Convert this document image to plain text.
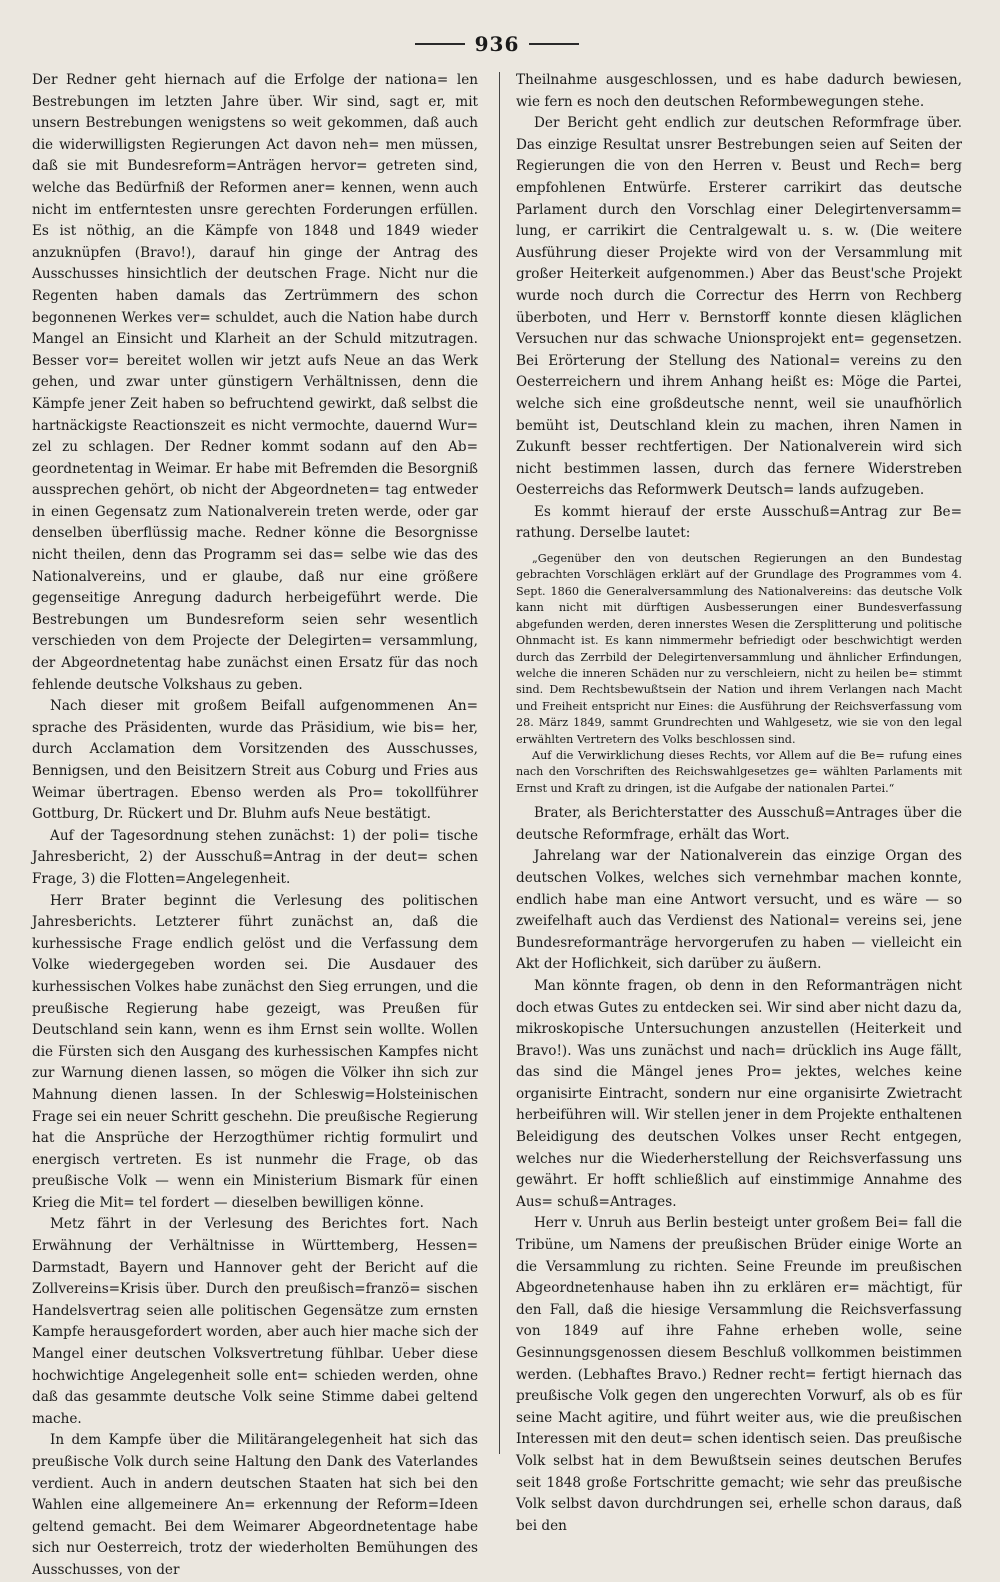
936

Der Redner geht hiernach auf die Erfolge der nationa= len Bestrebungen im letzten Jahre über. Wir sind, sagt er, mit unsern Bestrebungen wenigstens so weit gekommen, daß auch die widerwilligsten Regierungen Act davon neh= men müssen, daß sie mit Bundesreform=Anträgen hervor= getreten sind, welche das Bedürfniß der Reformen aner= kennen, wenn auch nicht im entferntesten unsre gerechten Forderungen erfüllen. Es ist nöthig, an die Kämpfe von 1848 und 1849 wieder anzuknüpfen (Bravo!), darauf hin ginge der Antrag des Ausschusses hinsichtlich der deutschen Frage. Nicht nur die Regenten haben damals das Zertrümmern des schon begonnenen Werkes ver= schuldet, auch die Nation habe durch Mangel an Einsicht und Klarheit an der Schuld mitzutragen. Besser vor= bereitet wollen wir jetzt aufs Neue an das Werk gehen, und zwar unter günstigern Verhältnissen, denn die Kämpfe jener Zeit haben so befruchtend gewirkt, daß selbst die hartnäckigste Reactionszeit es nicht vermochte, dauernd Wur= zel zu schlagen. Der Redner kommt sodann auf den Ab= geordnetentag in Weimar. Er habe mit Befremden die Besorgniß aussprechen gehört, ob nicht der Abgeordneten= tag entweder in einen Gegensatz zum Nationalverein treten werde, oder gar denselben überflüssig mache. Redner könne die Besorgnisse nicht theilen, denn das Programm sei das= selbe wie das des Nationalvereins, und er glaube, daß nur eine größere gegenseitige Anregung dadurch herbeigeführt werde. Die Bestrebungen um Bundesreform seien sehr wesentlich verschieden von dem Projecte der Delegirten= versammlung, der Abgeordnetentag habe zunächst einen Ersatz für das noch fehlende deutsche Volkshaus zu geben.

Nach dieser mit großem Beifall aufgenommenen An= sprache des Präsidenten, wurde das Präsidium, wie bis= her, durch Acclamation dem Vorsitzenden des Ausschusses, Bennigsen, und den Beisitzern Streit aus Coburg und Fries aus Weimar übertragen. Ebenso werden als Pro= tokollführer Gottburg, Dr. Rückert und Dr. Bluhm aufs Neue bestätigt.

Auf der Tagesordnung stehen zunächst: 1) der poli= tische Jahresbericht, 2) der Ausschuß=Antrag in der deut= schen Frage, 3) die Flotten=Angelegenheit.

Herr Brater beginnt die Verlesung des politischen Jahresberichts. Letzterer führt zunächst an, daß die kurhessische Frage endlich gelöst und die Verfassung dem Volke wiedergegeben worden sei. Die Ausdauer des kurhessischen Volkes habe zunächst den Sieg errungen, und die preußische Regierung habe gezeigt, was Preußen für Deutschland sein kann, wenn es ihm Ernst sein wollte. Wollen die Fürsten sich den Ausgang des kurhessischen Kampfes nicht zur Warnung dienen lassen, so mögen die Völker ihn sich zur Mahnung dienen lassen. In der Schleswig=Holsteinischen Frage sei ein neuer Schritt geschehn. Die preußische Regierung hat die Ansprüche der Herzogthümer richtig formulirt und energisch vertreten. Es ist nunmehr die Frage, ob das preußische Volk — wenn ein Ministerium Bismark für einen Krieg die Mit= tel fordert — dieselben bewilligen könne.

Metz fährt in der Verlesung des Berichtes fort. Nach Erwähnung der Verhältnisse in Württemberg, Hessen= Darmstadt, Bayern und Hannover geht der Bericht auf die Zollvereins=Krisis über. Durch den preußisch=franzö= sischen Handelsvertrag seien alle politischen Gegensätze zum ernsten Kampfe herausgefordert worden, aber auch hier mache sich der Mangel einer deutschen Volksvertretung fühlbar. Ueber diese hochwichtige Angelegenheit solle ent= schieden werden, ohne daß das gesammte deutsche Volk seine Stimme dabei geltend mache.

In dem Kampfe über die Militärangelegenheit hat sich das preußische Volk durch seine Haltung den Dank des Vaterlandes verdient. Auch in andern deutschen Staaten hat sich bei den Wahlen eine allgemeinere An= erkennung der Reform=Ideen geltend gemacht. Bei dem Weimarer Abgeordnetentage habe sich nur Oesterreich, trotz der wiederholten Bemühungen des Ausschusses, von der

Theilnahme ausgeschlossen, und es habe dadurch bewiesen, wie fern es noch den deutschen Reformbewegungen stehe.

Der Bericht geht endlich zur deutschen Reformfrage über. Das einzige Resultat unsrer Bestrebungen seien auf Seiten der Regierungen die von den Herren v. Beust und Rech= berg empfohlenen Entwürfe. Ersterer carrikirt das deutsche Parlament durch den Vorschlag einer Delegirtenversamm= lung, er carrikirt die Centralgewalt u. s. w. (Die weitere Ausführung dieser Projekte wird von der Versammlung mit großer Heiterkeit aufgenommen.) Aber das Beust'sche Projekt wurde noch durch die Correctur des Herrn von Rechberg überboten, und Herr v. Bernstorff konnte diesen kläglichen Versuchen nur das schwache Unionsprojekt ent= gegensetzen. Bei Erörterung der Stellung des National= vereins zu den Oesterreichern und ihrem Anhang heißt es: Möge die Partei, welche sich eine großdeutsche nennt, weil sie unaufhörlich bemüht ist, Deutschland klein zu machen, ihren Namen in Zukunft besser rechtfertigen. Der Nationalverein wird sich nicht bestimmen lassen, durch das fernere Widerstreben Oesterreichs das Reformwerk Deutsch= lands aufzugeben.

Es kommt hierauf der erste Ausschuß=Antrag zur Be= rathung. Derselbe lautet:

„Gegenüber den von deutschen Regierungen an den Bundestag gebrachten Vorschlägen erklärt auf der Grundlage des Programmes vom 4. Sept. 1860 die Generalversammlung des Nationalvereins: das deutsche Volk kann nicht mit dürftigen Ausbesserungen einer Bundesverfassung abgefunden werden, deren innerstes Wesen die Zersplitterung und politische Ohnmacht ist. Es kann nimmermehr befriedigt oder beschwichtigt werden durch das Zerrbild der Delegirtenversammlung und ähnlicher Erfindungen, welche die inneren Schäden nur zu verschleiern, nicht zu heilen be= stimmt sind. Dem Rechtsbewußtsein der Nation und ihrem Verlangen nach Macht und Freiheit entspricht nur Eines: die Ausführung der Reichsverfassung vom 28. März 1849, sammt Grundrechten und Wahlgesetz, wie sie von den legal erwählten Vertretern des Volks beschlossen sind.

Auf die Verwirklichung dieses Rechts, vor Allem auf die Be= rufung eines nach den Vorschriften des Reichswahlgesetzes ge= wählten Parlaments mit Ernst und Kraft zu dringen, ist die Aufgabe der nationalen Partei.“

Brater, als Berichterstatter des Ausschuß=Antrages über die deutsche Reformfrage, erhält das Wort.

Jahrelang war der Nationalverein das einzige Organ des deutschen Volkes, welches sich vernehmbar machen konnte, endlich habe man eine Antwort versucht, und es wäre — so zweifelhaft auch das Verdienst des National= vereins sei, jene Bundesreformanträge hervorgerufen zu haben — vielleicht ein Akt der Hoflichkeit, sich darüber zu äußern.

Man könnte fragen, ob denn in den Reformanträgen nicht doch etwas Gutes zu entdecken sei. Wir sind aber nicht dazu da, mikroskopische Untersuchungen anzustellen (Heiterkeit und Bravo!). Was uns zunächst und nach= drücklich ins Auge fällt, das sind die Mängel jenes Pro= jektes, welches keine organisirte Eintracht, sondern nur eine organisirte Zwietracht herbeiführen will. Wir stellen jener in dem Projekte enthaltenen Beleidigung des deutschen Volkes unser Recht entgegen, welches nur die Wiederherstellung der Reichsverfassung uns gewährt. Er hofft schließlich auf einstimmige Annahme des Aus= schuß=Antrages.

Herr v. Unruh aus Berlin besteigt unter großem Bei= fall die Tribüne, um Namens der preußischen Brüder einige Worte an die Versammlung zu richten. Seine Freunde im preußischen Abgeordnetenhause haben ihn zu erklären er= mächtigt, für den Fall, daß die hiesige Versammlung die Reichsverfassung von 1849 auf ihre Fahne erheben wolle, seine Gesinnungsgenossen diesem Beschluß vollkommen beistimmen werden. (Lebhaftes Bravo.) Redner recht= fertigt hiernach das preußische Volk gegen den ungerechten Vorwurf, als ob es für seine Macht agitire, und führt weiter aus, wie die preußischen Interessen mit den deut= schen identisch seien. Das preußische Volk selbst hat in dem Bewußtsein seines deutschen Berufes seit 1848 große Fortschritte gemacht; wie sehr das preußische Volk selbst davon durchdrungen sei, erhelle schon daraus, daß bei den
